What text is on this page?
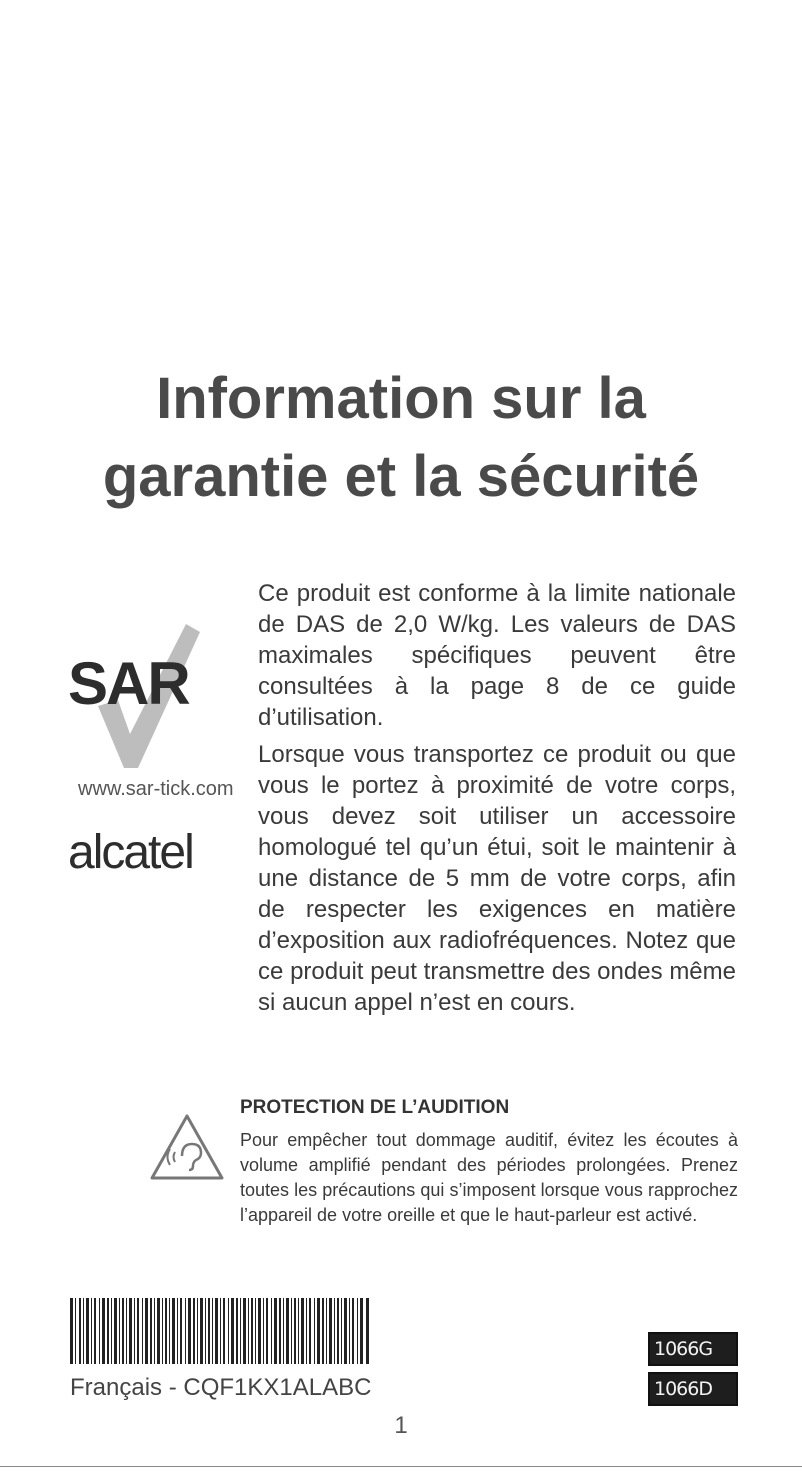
Information sur la
garantie et la sécurité
SAR
www.sar-tick.com
alcatel

Ce produit est conforme à la limite nationale de DAS de 2,0 W/kg. Les valeurs de DAS maximales spécifiques peuvent être consultées à la page 8 de ce guide d’utilisation.

Lorsque vous transportez ce produit ou que vous le portez à proximité de votre corps, vous devez soit utiliser un accessoire homologué tel qu’un étui, soit le maintenir à une distance de 5 mm de votre corps, afin de respecter les exigences en matière d’exposition aux radiofréquences. Notez que ce produit peut transmettre des ondes même si aucun appel n’est en cours.

PROTECTION DE L’AUDITION
Pour empêcher tout dommage auditif, évitez les écoutes à volume amplifié pendant des périodes prolongées. Prenez toutes les précautions qui s’imposent lorsque vous rapprochez l’appareil de votre oreille et que le haut-parleur est activé.
Français - CQF1KX1ALABC
1
1066G
1066D
